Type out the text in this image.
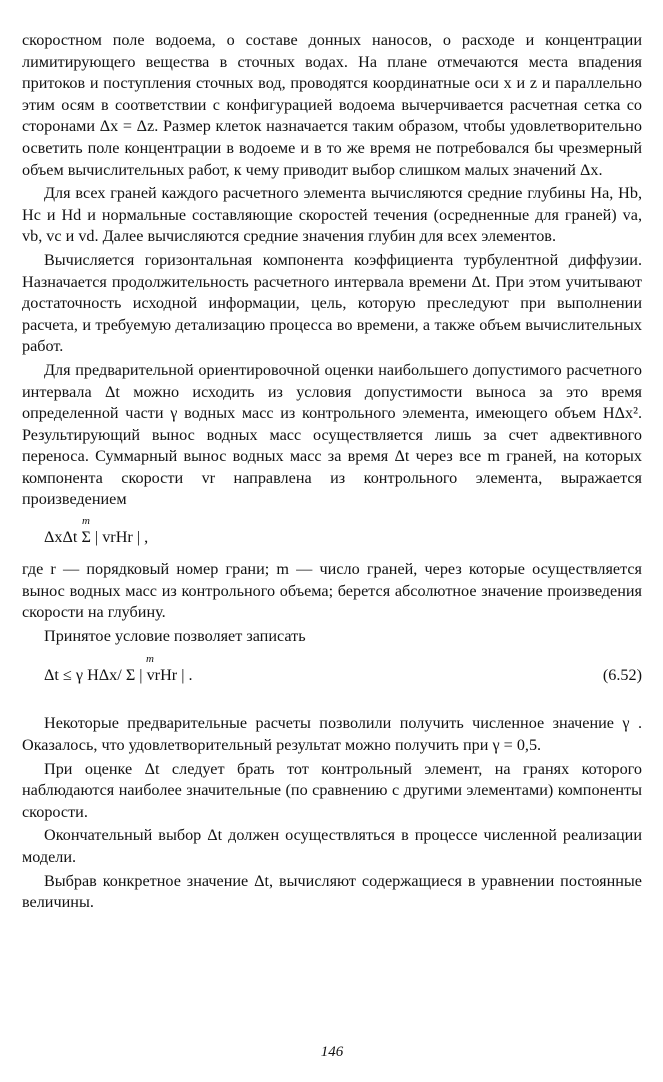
скоростном поле водоема, о составе донных наносов, о расходе и концентрации лимитирующего вещества в сточных водах. На плане отмечаются места впадения притоков и поступления сточных вод, проводятся координатные оси x и z и параллельно этим осям в соответствии с конфигурацией водоема вычерчивается расчетная сетка со сторонами Δx = Δz. Размер клеток назначается таким образом, чтобы удовлетворительно осветить поле концентрации в водоеме и в то же время не потребовался бы чрезмерный объем вычислительных работ, к чему приводит выбор слишком малых значений Δx.

Для всех граней каждого расчетного элемента вычисляются средние глубины Ha, Hb, Hc и Hd и нормальные составляющие скоростей течения (осредненные для граней) va, vb, vc и vd. Далее вычисляются средние значения глубин для всех элементов.

Вычисляется горизонтальная компонента коэффициента турбулентной диффузии. Назначается продолжительность расчетного интервала времени Δt. При этом учитывают достаточность исходной информации, цель, которую преследуют при выполнении расчета, и требуемую детализацию процесса во времени, а также объем вычислительных работ.

Для предварительной ориентировочной оценки наибольшего допустимого расчетного интервала Δt можно исходить из условия допустимости выноса за это время определенной части γ водных масс из контрольного элемента, имеющего объем HΔx². Результирующий вынос водных масс осуществляется лишь за счет адвективного переноса. Суммарный вынос водных масс за время Δt через все m граней, на которых компонента скорости vr направлена из контрольного элемента, выражается произведением

m
ΔxΔt Σ | vrHr | ,

где r — порядковый номер грани; m — число граней, через которые осуществляется вынос водных масс из контрольного объема; берется абсолютное значение произведения скорости на глубину.

Принятое условие позволяет записать

m
Δt ≤ γ HΔx/ Σ | vrHr | .	(6.52)

Некоторые предварительные расчеты позволили получить численное значение γ . Оказалось, что удовлетворительный результат можно получить при γ = 0,5.

При оценке Δt следует брать тот контрольный элемент, на гранях которого наблюдаются наиболее значительные (по сравнению с другими элементами) компоненты скорости.

Окончательный выбор Δt должен осуществляться в процессе численной реализации модели.

Выбрав конкретное значение Δt, вычисляют содержащиеся в уравнении постоянные величины.

146
